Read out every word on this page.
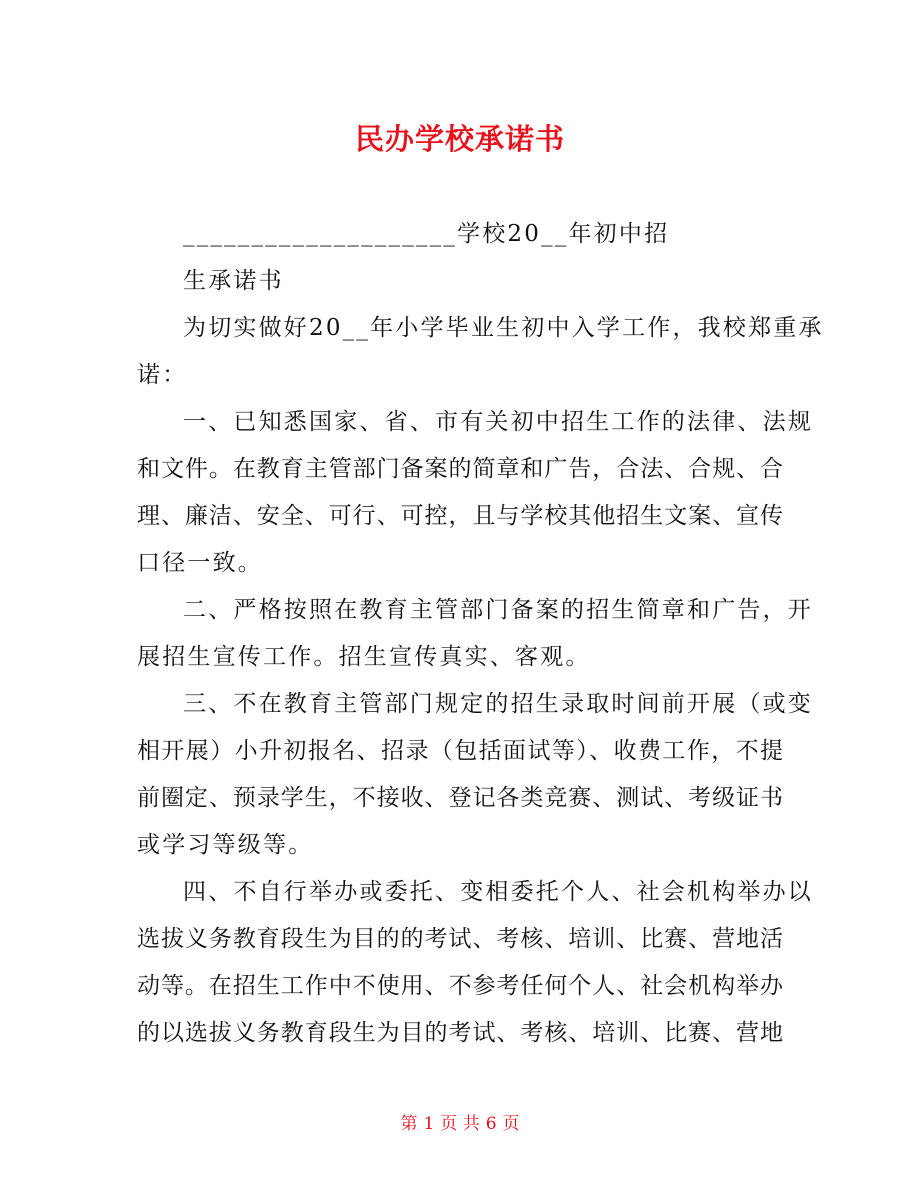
民办学校承诺书
____________________学校20__年初中招
生承诺书
为切实做好20__年小学毕业生初中入学工作，我校郑重承
诺：
一、已知悉国家、省、市有关初中招生工作的法律、法规
和文件。在教育主管部门备案的简章和广告，合法、合规、合
理、廉洁、安全、可行、可控，且与学校其他招生文案、宣传
口径一致。
二、严格按照在教育主管部门备案的招生简章和广告，开
展招生宣传工作。招生宣传真实、客观。
三、不在教育主管部门规定的招生录取时间前开展（或变
相开展）小升初报名、招录（包括面试等）、收费工作，不提
前圈定、预录学生，不接收、登记各类竞赛、测试、考级证书
或学习等级等。
四、不自行举办或委托、变相委托个人、社会机构举办以
选拔义务教育段生为目的的考试、考核、培训、比赛、营地活
动等。在招生工作中不使用、不参考任何个人、社会机构举办
的以选拔义务教育段生为目的考试、考核、培训、比赛、营地
第 1 页 共 6 页
